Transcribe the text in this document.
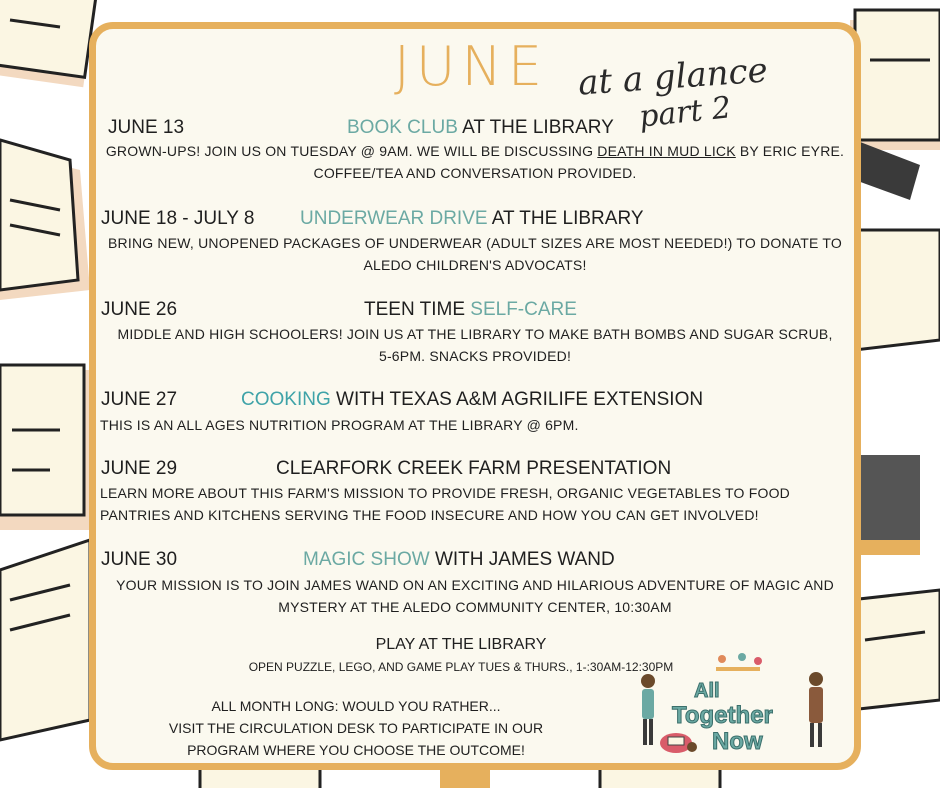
JUNE at a glance
part 2
JUNE 13	BOOK CLUB AT THE LIBRARY
GROWN-UPS! JOIN US ON TUESDAY @ 9AM. WE WILL BE DISCUSSING DEATH IN MUD LICK BY ERIC EYRE.
COFFEE/TEA AND CONVERSATION PROVIDED.
JUNE 18 - JULY 8 UNDERWEAR DRIVE AT THE LIBRARY
BRING NEW, UNOPENED PACKAGES OF UNDERWEAR (ADULT SIZES ARE MOST NEEDED!) TO DONATE TO
ALEDO CHILDREN'S ADVOCATS!
JUNE 26	TEEN TIME SELF-CARE
MIDDLE AND HIGH SCHOOLERS! JOIN US AT THE LIBRARY TO MAKE BATH BOMBS AND SUGAR SCRUB,
5-6PM. SNACKS PROVIDED!
JUNE 27	COOKING WITH TEXAS A&M AGRILIFE EXTENSION
THIS IS AN ALL AGES NUTRITION PROGRAM AT THE LIBRARY @ 6PM.
JUNE 29	CLEARFORK CREEK FARM PRESENTATION
LEARN MORE ABOUT THIS FARM'S MISSION TO PROVIDE FRESH, ORGANIC VEGETABLES TO FOOD
PANTRIES AND KITCHENS SERVING THE FOOD INSECURE AND HOW YOU CAN GET INVOLVED!
JUNE 30	MAGIC SHOW WITH JAMES WAND
YOUR MISSION IS TO JOIN JAMES WAND ON AN EXCITING AND HILARIOUS ADVENTURE OF MAGIC AND
MYSTERY AT THE ALEDO COMMUNITY CENTER, 10:30AM
PLAY AT THE LIBRARY
OPEN PUZZLE, LEGO, AND GAME PLAY TUES & THURS., 1-:30AM-12:30PM
ALL MONTH LONG: WOULD YOU RATHER...
VISIT THE CIRCULATION DESK TO PARTICIPATE IN OUR
PROGRAM WHERE YOU CHOOSE THE OUTCOME!
All
Together
Now
